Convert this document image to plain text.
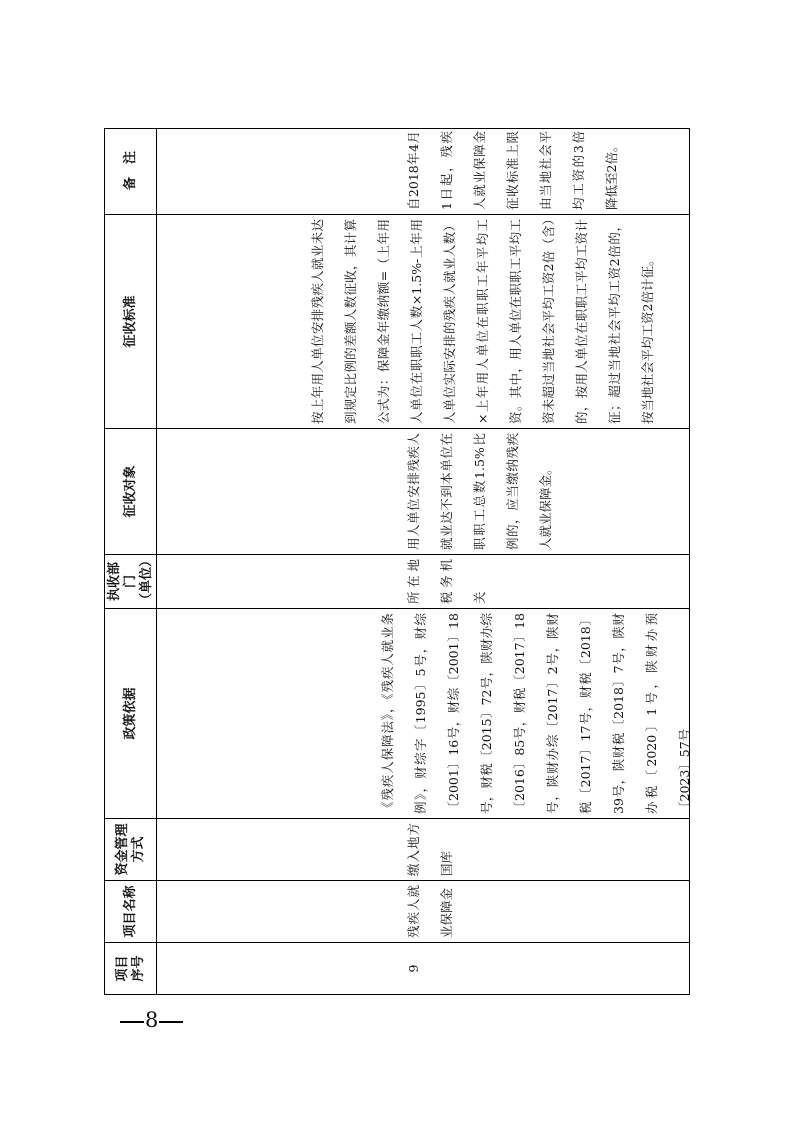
项目
序号
项目名称
资金管理
方式
政策依据
执收部门
（单位）
征收对象
征收标准
备　注
9
残疾人就业保障金
缴入地方国库
《残疾人保障法》，《残疾人就业条例》，财综字〔1995〕5号，财综〔2001〕16号，财综〔2001〕18号，财税〔2015〕72号，陕财办综〔2016〕85号，财税〔2017〕18号，陕财办综〔2017〕2号，陕财税〔2017〕17号，财税〔2018〕39号，陕财税〔2018〕7号，陕财办税〔2020〕1号，陕财办预〔2023〕57号
所在地税务机关
用人单位安排残疾人就业达不到本单位在职职工总数1.5%比例的，应当缴纳残疾人就业保障金。
按上年用人单位安排残疾人就业未达到规定比例的差额人数征收，其计算公式为：保障金年缴纳额=（上年用人单位在职职工人数×1.5%-上年用人单位实际安排的残疾人就业人数）×上年用人单位在职职工年平均工资。其中，用人单位在职职工平均工资未超过当地社会平均工资2倍（含）的，按用人单位在职职工平均工资计征；超过当地社会平均工资2倍的，按当地社会平均工资2倍计征。
自2018年4月1日起，残疾人就业保障金征收标准上限由当地社会平均工资的3倍降低至2倍。
8
